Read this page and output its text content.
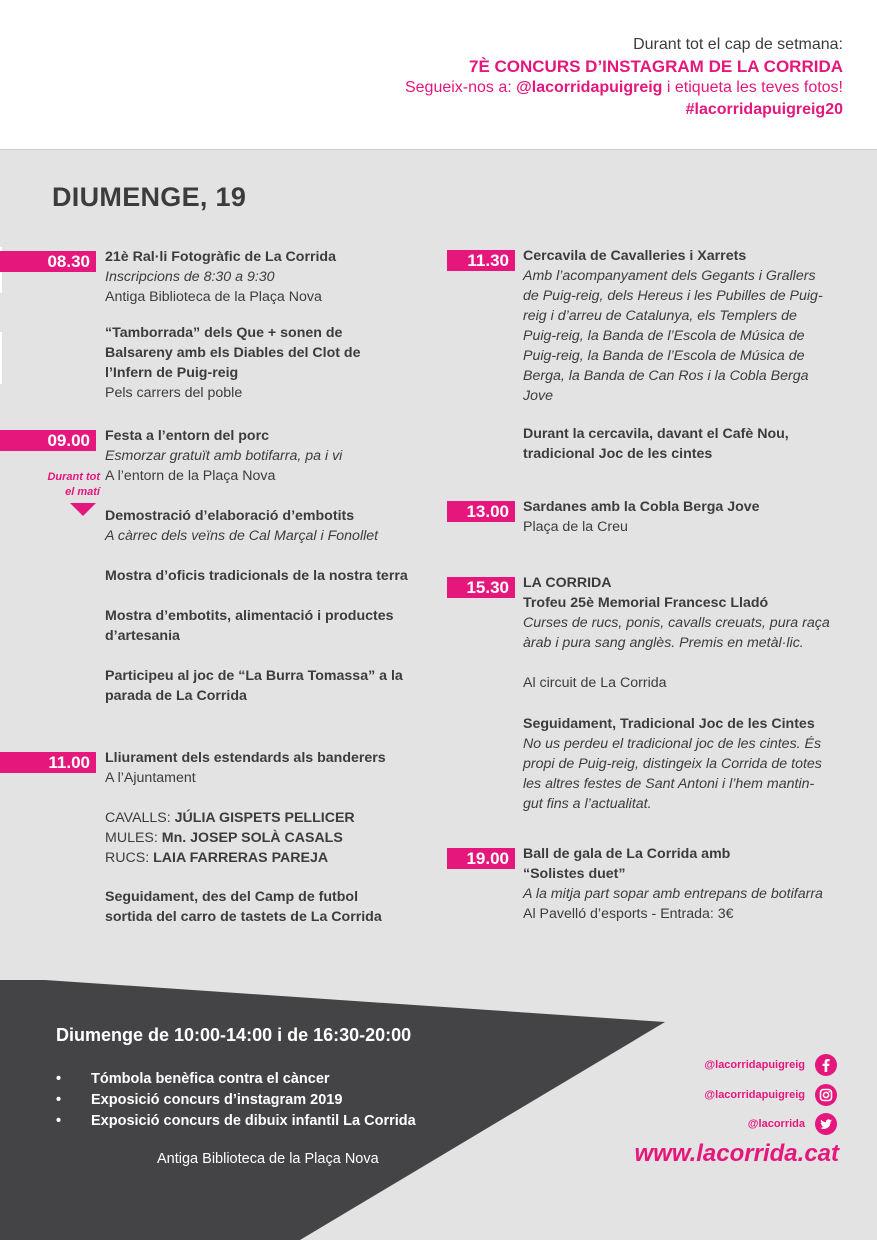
Durant tot el cap de setmana:
7È CONCURS D’INSTAGRAM DE LA CORRIDA
Segueix-nos a: @lacorridapuigreig i etiqueta les teves fotos!
#lacorridapuigreig20
DIUMENGE, 19
08.30	21è Ral·li Fotogràfic de La Corrida
Inscripcions de 8:30 a 9:30
Antiga Biblioteca de la Plaça Nova
“Tamborrada” dels Que + sonen de
Balsareny amb els Diables del Clot de
l’Infern de Puig-reig
Pels carrers del poble
09.00
Durant tot
el matí
Festa a l’entorn del porc
Esmorzar gratuït amb botifarra, pa i vi
A l’entorn de la Plaça Nova
Demostració d’elaboració d’embotits
A càrrec dels veïns de Cal Marçal i Fonollet
Mostra d’oficis tradicionals de la nostra terra
Mostra d’embotits, alimentació i productes
d’artesania
Participeu al joc de “La Burra Tomassa” a la
parada de La Corrida
11.00	Lliurament dels estendards als banderers
A l’Ajuntament
CAVALLS: JÚLIA GISPETS PELLICER
MULES: Mn. JOSEP SOLÀ CASALS
RUCS: LAIA FARRERAS PAREJA
Seguidament, des del Camp de futbol
sortida del carro de tastets de La Corrida
11.30 Cercavila de Cavalleries i Xarrets
Amb l’acompanyament dels Gegants i Grallers
de Puig-reig, dels Hereus i les Pubilles de Puig-
reig i d’arreu de Catalunya, els Templers de
Puig-reig, la Banda de l’Escola de Música de
Puig-reig, la Banda de l’Escola de Música de
Berga, la Banda de Can Ros i la Cobla Berga
Jove
Durant la cercavila, davant el Cafè Nou,
tradicional Joc de les cintes
13.00 Sardanes amb la Cobla Berga Jove
Plaça de la Creu
15.30 LA CORRIDA
Trofeu 25è Memorial Francesc Lladó
Curses de rucs, ponis, cavalls creuats, pura raça
àrab i pura sang anglès. Premis en metàl·lic.
Al circuit de La Corrida
Seguidament, Tradicional Joc de les Cintes
No us perdeu el tradicional joc de les cintes. És
propi de Puig-reig, distingeix la Corrida de totes
les altres festes de Sant Antoni i l’hem mantin-
gut fins a l’actualitat.
19.00 Ball de gala de La Corrida amb
“Solistes duet”
A la mitja part sopar amb entrepans de botifarra
Al Pavelló d’esports - Entrada: 3€
Diumenge de 10:00-14:00 i de 16:30-20:00
• Tómbola benèfica contra el càncer
• Exposició concurs d’instagram 2019
• Exposició concurs de dibuix infantil La Corrida
Antiga Biblioteca de la Plaça Nova
@lacorridapuigreig
@lacorridapuigreig
@lacorrida
www.lacorrida.cat
